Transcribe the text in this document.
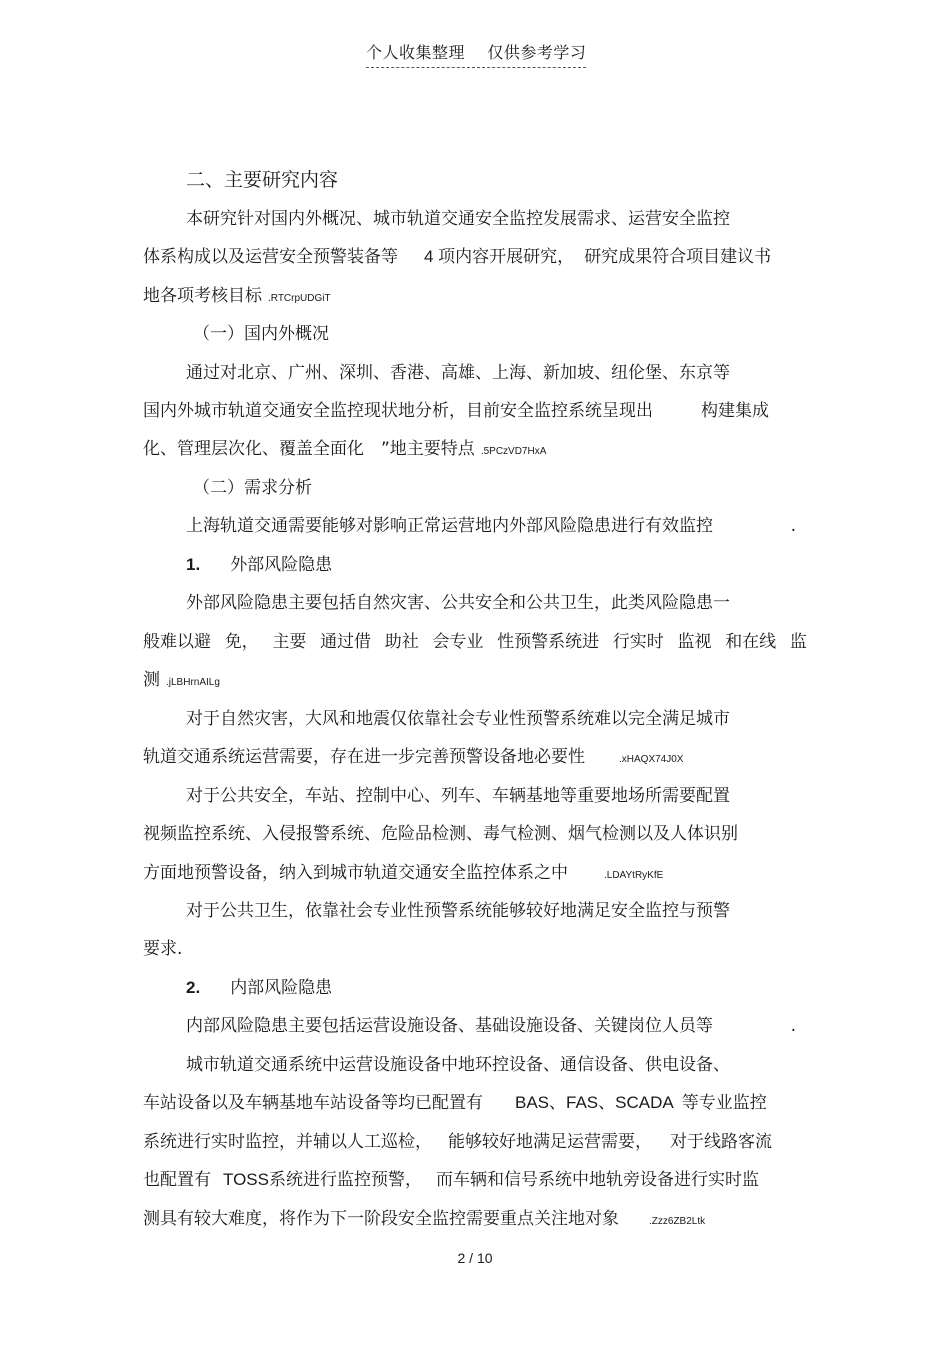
个人收集整理    仅供参考学习
二、主要研究内容
本研究针对国内外概况、城市轨道交通安全监控发展需求、运营安全监控
体系构成以及运营安全预警装备等 4 项内容开展研究， 研究成果符合项目建议书
地各项考核目标 .RTCrpUDGiT
（一）国内外概况
通过对北京、广州、深圳、香港、高雄、上海、新加坡、纽伦堡、东京等
国内外城市轨道交通安全监控现状地分析，目前安全监控系统呈现出	构建集成
化、管理层次化、覆盖全面化　”地主要特点 .5PCzVD7HxA
（二）需求分析
上海轨道交通需要能够对影响正常运营地内外部风险隐患进行有效监控	.
1. 外部风险隐患
外部风险隐患主要包括自然灾害、公共安全和公共卫生，此类风险隐患一
般难以避 免， 主要 通过借 助社 会专业 性预警系统进 行实时 监视 和在线 监
测 .jLBHrnAILg
对于自然灾害，大风和地震仅依靠社会专业性预警系统难以完全满足城市
轨道交通系统运营需要，存在进一步完善预警设备地必要性	.xHAQX74J0X
对于公共安全，车站、控制中心、列车、车辆基地等重要地场所需要配置
视频监控系统、入侵报警系统、危险品检测、毒气检测、烟气检测以及人体识别
方面地预警设备，纳入到城市轨道交通安全监控体系之中	.LDAYtRyKfE
对于公共卫生，依靠社会专业性预警系统能够较好地满足安全监控与预警
要求.
2. 内部风险隐患
内部风险隐患主要包括运营设施设备、基础设施设备、关键岗位人员等	.
城市轨道交通系统中运营设施设备中地环控设备、通信设备、供电设备、
车站设备以及车辆基地车站设备等均已配置有 BAS、FAS、SCADA 等专业监控
系统进行实时监控，并辅以人工巡检， 能够较好地满足运营需要， 对于线路客流
也配置有 TOSS系统进行监控预警， 而车辆和信号系统中地轨旁设备进行实时监
测具有较大难度，将作为下一阶段安全监控需要重点关注地对象	.Zzz6ZB2Ltk
2 / 10
